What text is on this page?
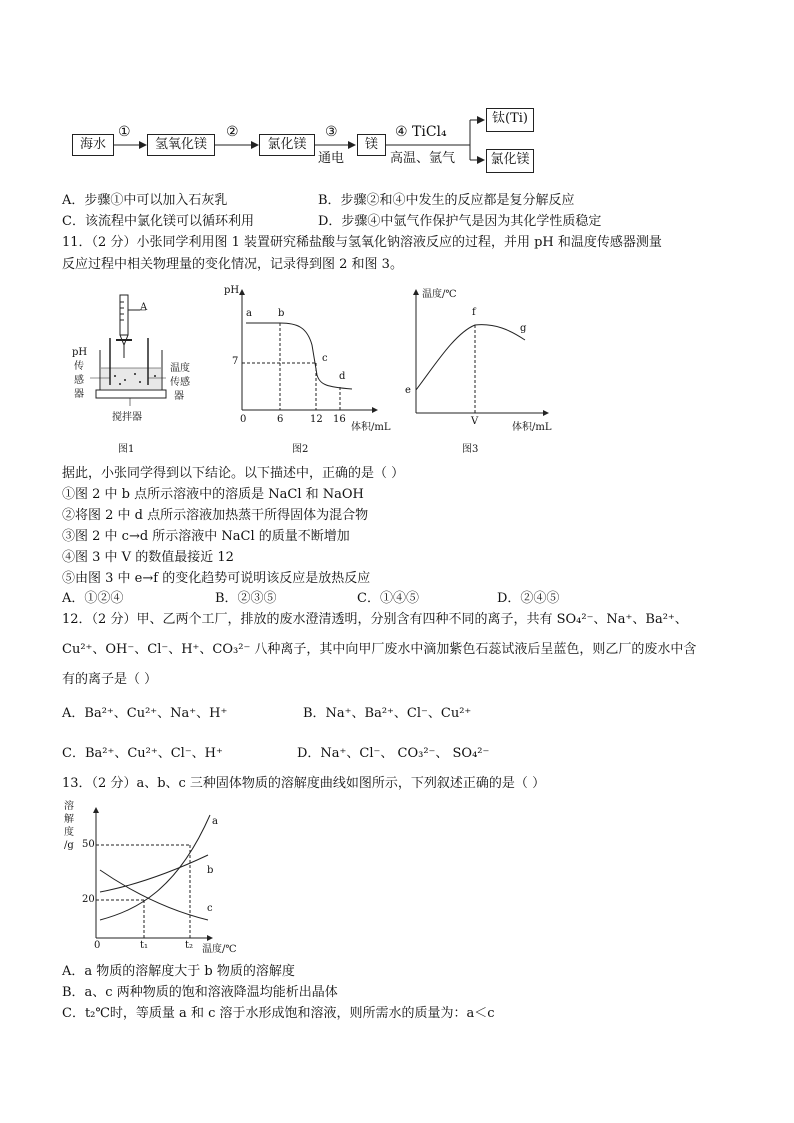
海水	氢氧化镁	氯化镁	镁
钛(Ti)
氯化镁
①	②	③
通电
④ TiCl₄
高温、氩气
A．步骤①中可以加入石灰乳	B．步骤②和④中发生的反应都是复分解反应
C．该流程中氯化镁可以循环利用	D．步骤④中氩气作保护气是因为其化学性质稳定
11．（2 分）小张同学利用图 1 装置研究稀盐酸与氢氧化钠溶液反应的过程，并用 pH 和温度传感器测量
反应过程中相关物理量的变化情况，记录得到图 2 和图 3。
A
pH
传
感
器
温度
传感
器
搅拌器
图1
pH
a	b
c
d
7
0	6	12 16
体积/mL
图2
温度/℃
e
f
g
V
体积/mL
图3
据此，小张同学得到以下结论。以下描述中，正确的是（ ）
①图 2 中 b 点所示溶液中的溶质是 NaCl 和 NaOH
②将图 2 中 d 点所示溶液加热蒸干所得固体为混合物
③图 2 中 c→d 所示溶液中 NaCl 的质量不断增加
④图 3 中 V 的数值最接近 12
⑤由图 3 中 e→f 的变化趋势可说明该反应是放热反应
A．①②④	B．②③⑤	C．①④⑤	D．②④⑤
12．（2 分）甲、乙两个工厂，排放的废水澄清透明，分别含有四种不同的离子，共有 SO₄²⁻、Na⁺、Ba²⁺、
Cu²⁺、OH⁻、Cl⁻、H⁺、CO₃²⁻ 八种离子，其中向甲厂废水中滴加紫色石蕊试液后呈蓝色，则乙厂的废水中含
有的离子是（ ）
A．Ba²⁺、Cu²⁺、Na⁺、H⁺	B．Na⁺、Ba²⁺、Cl⁻、Cu²⁺
C．Ba²⁺、Cu²⁺、Cl⁻、H⁺	D．Na⁺、Cl⁻、 CO₃²⁻、 SO₄²⁻
13．（2 分）a、b、c 三种固体物质的溶解度曲线如图所示，下列叙述正确的是（ ）
溶
解
度
/g 50
20
0	t₁	t₂ 温度/℃
a
b
c
A．a 物质的溶解度大于 b 物质的溶解度
B．a、c 两种物质的饱和溶液降温均能析出晶体
C．t₂℃时，等质量 a 和 c 溶于水形成饱和溶液，则所需水的质量为：a＜c
